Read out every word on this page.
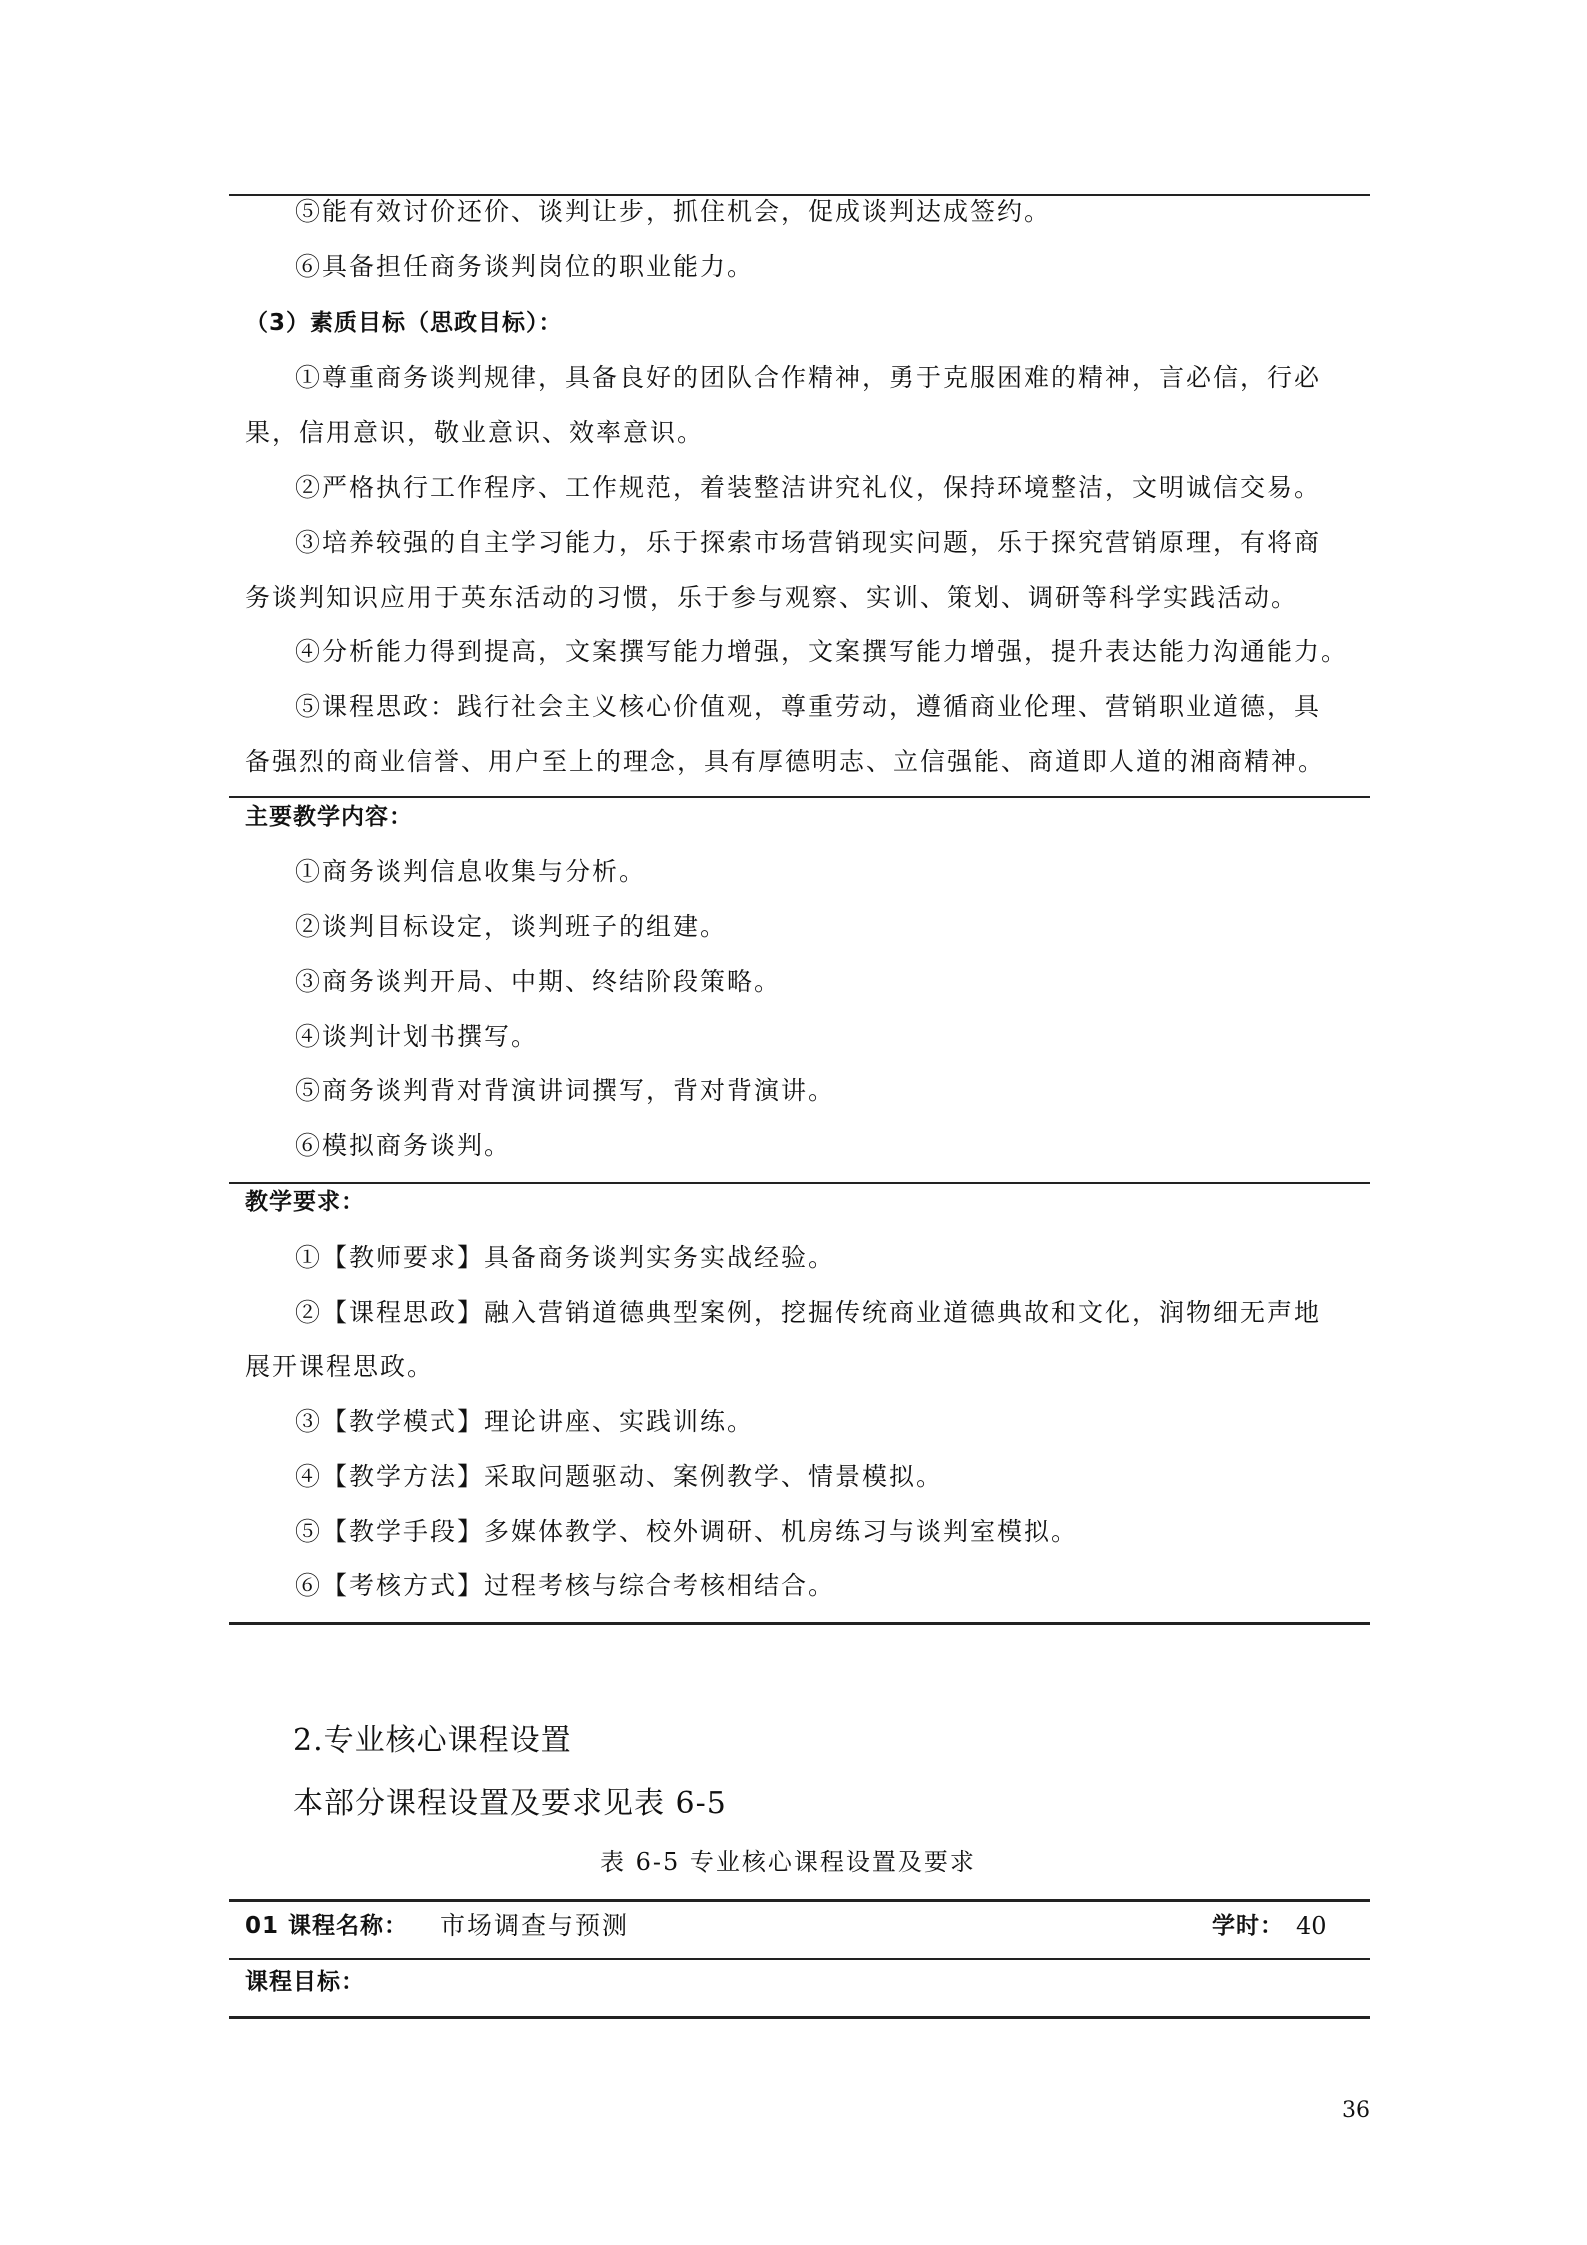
⑤能有效讨价还价、谈判让步，抓住机会，促成谈判达成签约。
⑥具备担任商务谈判岗位的职业能力。
（3）素质目标（思政目标）：
①尊重商务谈判规律，具备良好的团队合作精神，勇于克服困难的精神，言必信，行必
果，信用意识，敬业意识、效率意识。
②严格执行工作程序、工作规范，着装整洁讲究礼仪，保持环境整洁，文明诚信交易。
③培养较强的自主学习能力，乐于探索市场营销现实问题，乐于探究营销原理，有将商
务谈判知识应用于英东活动的习惯，乐于参与观察、实训、策划、调研等科学实践活动。
④分析能力得到提高，文案撰写能力增强，文案撰写能力增强，提升表达能力沟通能力。
⑤课程思政：践行社会主义核心价值观，尊重劳动，遵循商业伦理、营销职业道德，具
备强烈的商业信誉、用户至上的理念，具有厚德明志、立信强能、商道即人道的湘商精神。
主要教学内容：
①商务谈判信息收集与分析。
②谈判目标设定，谈判班子的组建。
③商务谈判开局、中期、终结阶段策略。
④谈判计划书撰写。
⑤商务谈判背对背演讲词撰写，背对背演讲。
⑥模拟商务谈判。
教学要求：
①【教师要求】具备商务谈判实务实战经验。
②【课程思政】融入营销道德典型案例，挖掘传统商业道德典故和文化，润物细无声地
展开课程思政。
③【教学模式】理论讲座、实践训练。
④【教学方法】采取问题驱动、案例教学、情景模拟。
⑤【教学手段】多媒体教学、校外调研、机房练习与谈判室模拟。
⑥【考核方式】过程考核与综合考核相结合。
2.专业核心课程设置
本部分课程设置及要求见表 6-5
表 6-5 专业核心课程设置及要求
01 课程名称： 市场调查与预测	学时： 40
课程目标：
36
